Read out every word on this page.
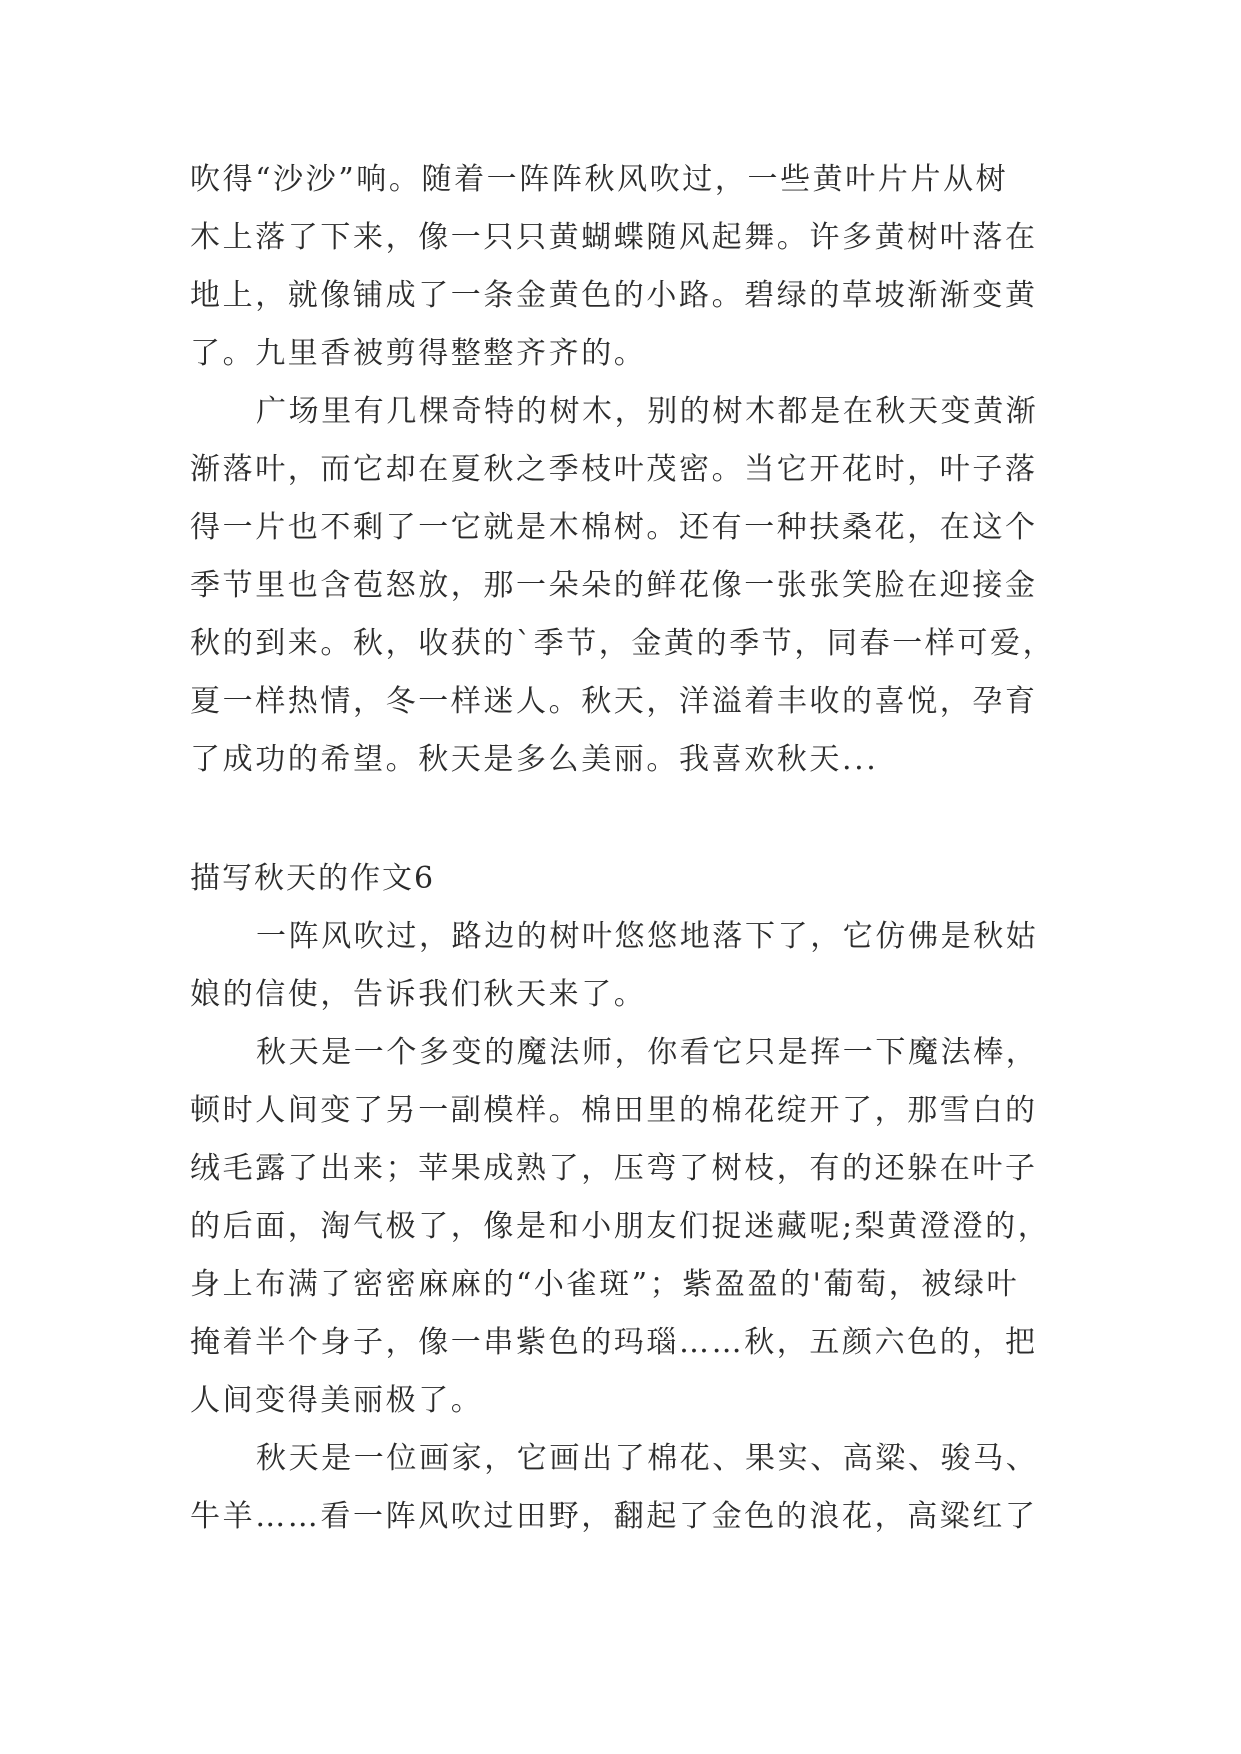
吹得“沙沙”响。随着一阵阵秋风吹过，一些黄叶片片从树
木上落了下来，像一只只黄蝴蝶随风起舞。许多黄树叶落在
地上，就像铺成了一条金黄色的小路。碧绿的草坡渐渐变黄
了。九里香被剪得整整齐齐的。
广场里有几棵奇特的树木，别的树木都是在秋天变黄渐
渐落叶，而它却在夏秋之季枝叶茂密。当它开花时，叶子落
得一片也不剩了一它就是木棉树。还有一种扶桑花，在这个
季节里也含苞怒放，那一朵朵的鲜花像一张张笑脸在迎接金
秋的到来。秋，收获的`季节，金黄的季节，同春一样可爱，
夏一样热情，冬一样迷人。秋天，洋溢着丰收的喜悦，孕育
了成功的希望。秋天是多么美丽。我喜欢秋天...
描写秋天的作文6
一阵风吹过，路边的树叶悠悠地落下了，它仿佛是秋姑
娘的信使，告诉我们秋天来了。
秋天是一个多变的魔法师，你看它只是挥一下魔法棒，
顿时人间变了另一副模样。棉田里的棉花绽开了，那雪白的
绒毛露了出来；苹果成熟了，压弯了树枝，有的还躲在叶子
的后面，淘气极了，像是和小朋友们捉迷藏呢;梨黄澄澄的，
身上布满了密密麻麻的“小雀斑”；紫盈盈的'葡萄，被绿叶
掩着半个身子，像一串紫色的玛瑙……秋，五颜六色的，把
人间变得美丽极了。
秋天是一位画家，它画出了棉花、果实、高粱、骏马、
牛羊……看一阵风吹过田野，翻起了金色的浪花，高粱红了
